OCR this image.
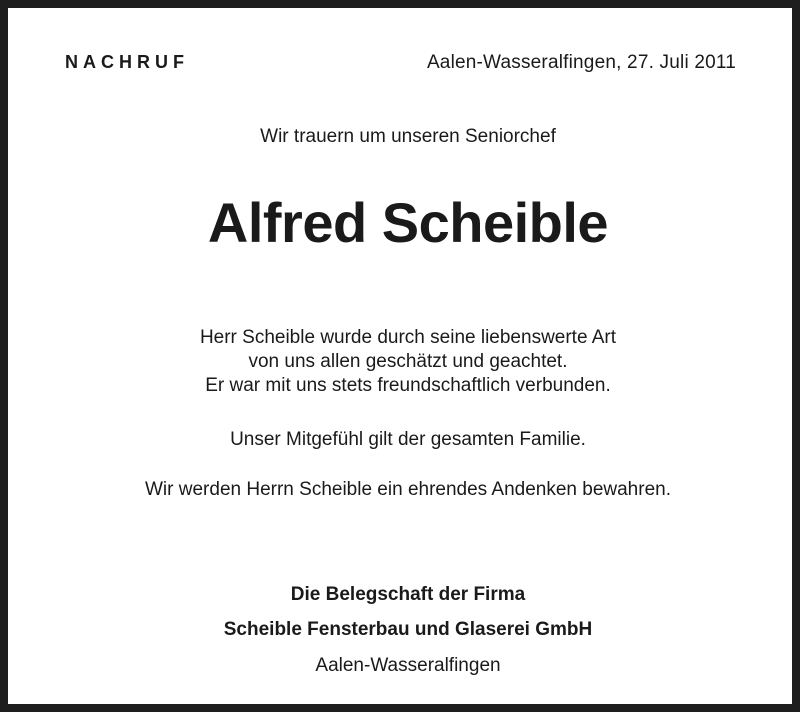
NACHRUF	Aalen-Wasseralfingen, 27. Juli 2011
Wir trauern um unseren Seniorchef
Alfred Scheible
Herr Scheible wurde durch seine liebenswerte Art
von uns allen geschätzt und geachtet.
Er war mit uns stets freundschaftlich verbunden.
Unser Mitgefühl gilt der gesamten Familie.
Wir werden Herrn Scheible ein ehrendes Andenken bewahren.
Die Belegschaft der Firma
Scheible Fensterbau und Glaserei GmbH
Aalen-Wasseralfingen
